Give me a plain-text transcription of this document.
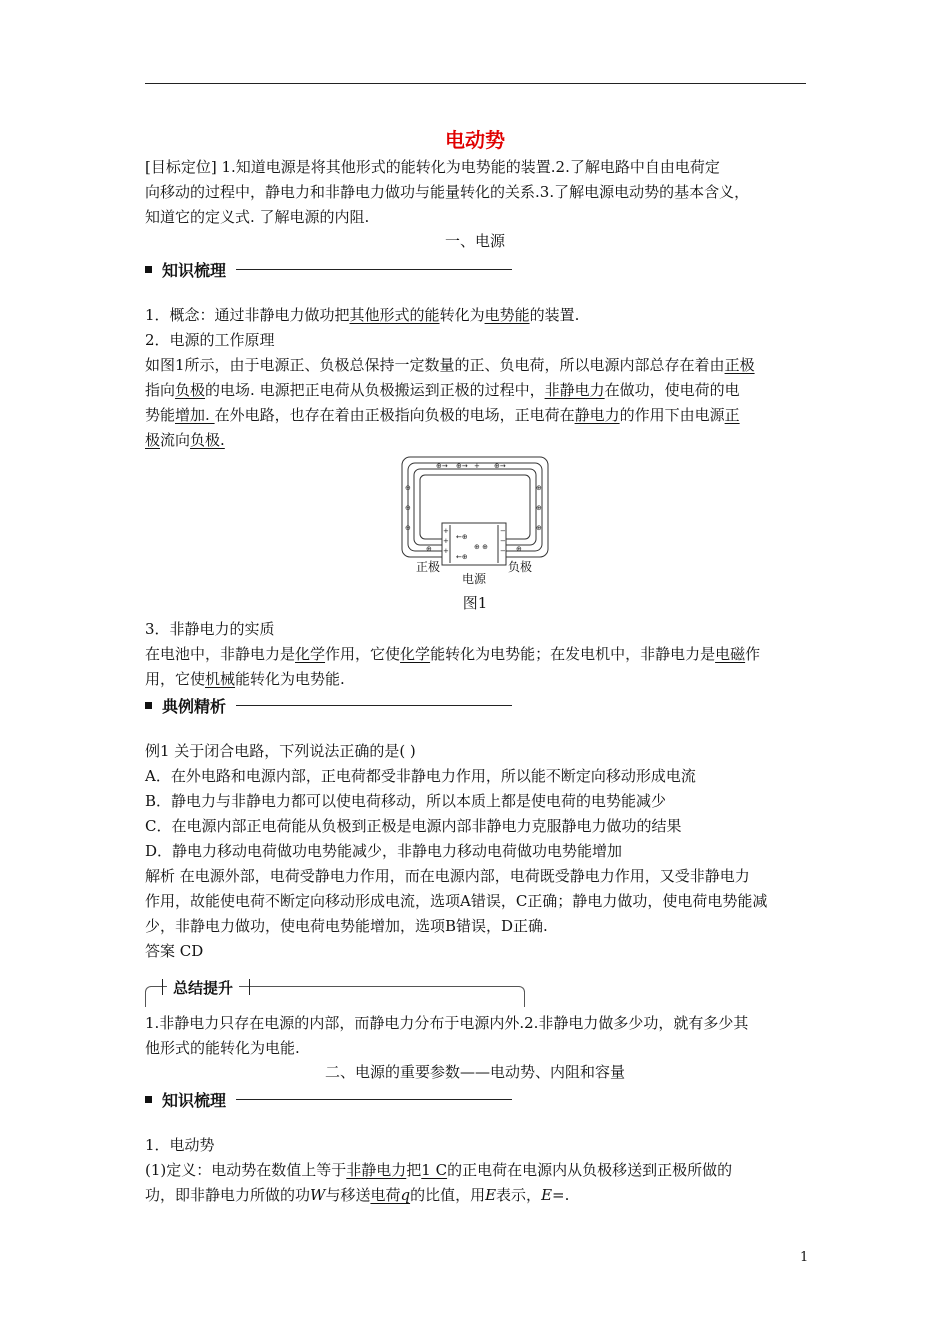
电动势
[目标定位] 1.知道电源是将其他形式的能转化为电势能的装置.2.了解电路中自由电荷定
向移动的过程中，静电力和非静电力做功与能量转化的关系.3.了解电源电动势的基本含义，
知道它的定义式. 了解电源的内阻.
一、电源
知识梳理
1．概念：通过非静电力做功把其他形式的能转化为电势能的装置.
2．电源的工作原理
如图1所示，由于电源正、负极总保持一定数量的正、负电荷，所以电源内部总存在着由正极
指向负极的电场. 电源把正电荷从负极搬运到正极的过程中，非静电力在做功，使电荷的电
势能增加. 在外电路，也存在着由正极指向负极的电场，正电荷在静电力的作用下由电源正
极流向负极.
⊕→ ⊕→ + ⊕→
⊕
⊕
⊕
⊕
⊕
⊕
+
+
+
−
−
−
←⊕
⊕ ⊕
←⊕
⊕	⊕
正极
电源
负极
图1
3．非静电力的实质
在电池中，非静电力是化学作用，它使化学能转化为电势能；在发电机中，非静电力是电磁作
用，它使机械能转化为电势能.
典例精析
例1 关于闭合电路，下列说法正确的是( )
A．在外电路和电源内部，正电荷都受非静电力作用，所以能不断定向移动形成电流
B．静电力与非静电力都可以使电荷移动，所以本质上都是使电荷的电势能减少
C．在电源内部正电荷能从负极到正极是电源内部非静电力克服静电力做功的结果
D．静电力移动电荷做功电势能减少，非静电力移动电荷做功电势能增加
解析 在电源外部，电荷受静电力作用，而在电源内部，电荷既受静电力作用，又受非静电力
作用，故能使电荷不断定向移动形成电流，选项A错误，C正确；静电力做功，使电荷电势能减
少，非静电力做功，使电荷电势能增加，选项B错误，D正确.
答案 CD
总结提升
1.非静电力只存在电源的内部，而静电力分布于电源内外.2.非静电力做多少功，就有多少其
他形式的能转化为电能.
二、电源的重要参数——电动势、内阻和容量
知识梳理
1．电动势
(1)定义：电动势在数值上等于非静电力把1 C的正电荷在电源内从负极移送到正极所做的
功，即非静电力所做的功W与移送电荷q的比值，用E表示，E=.
1
